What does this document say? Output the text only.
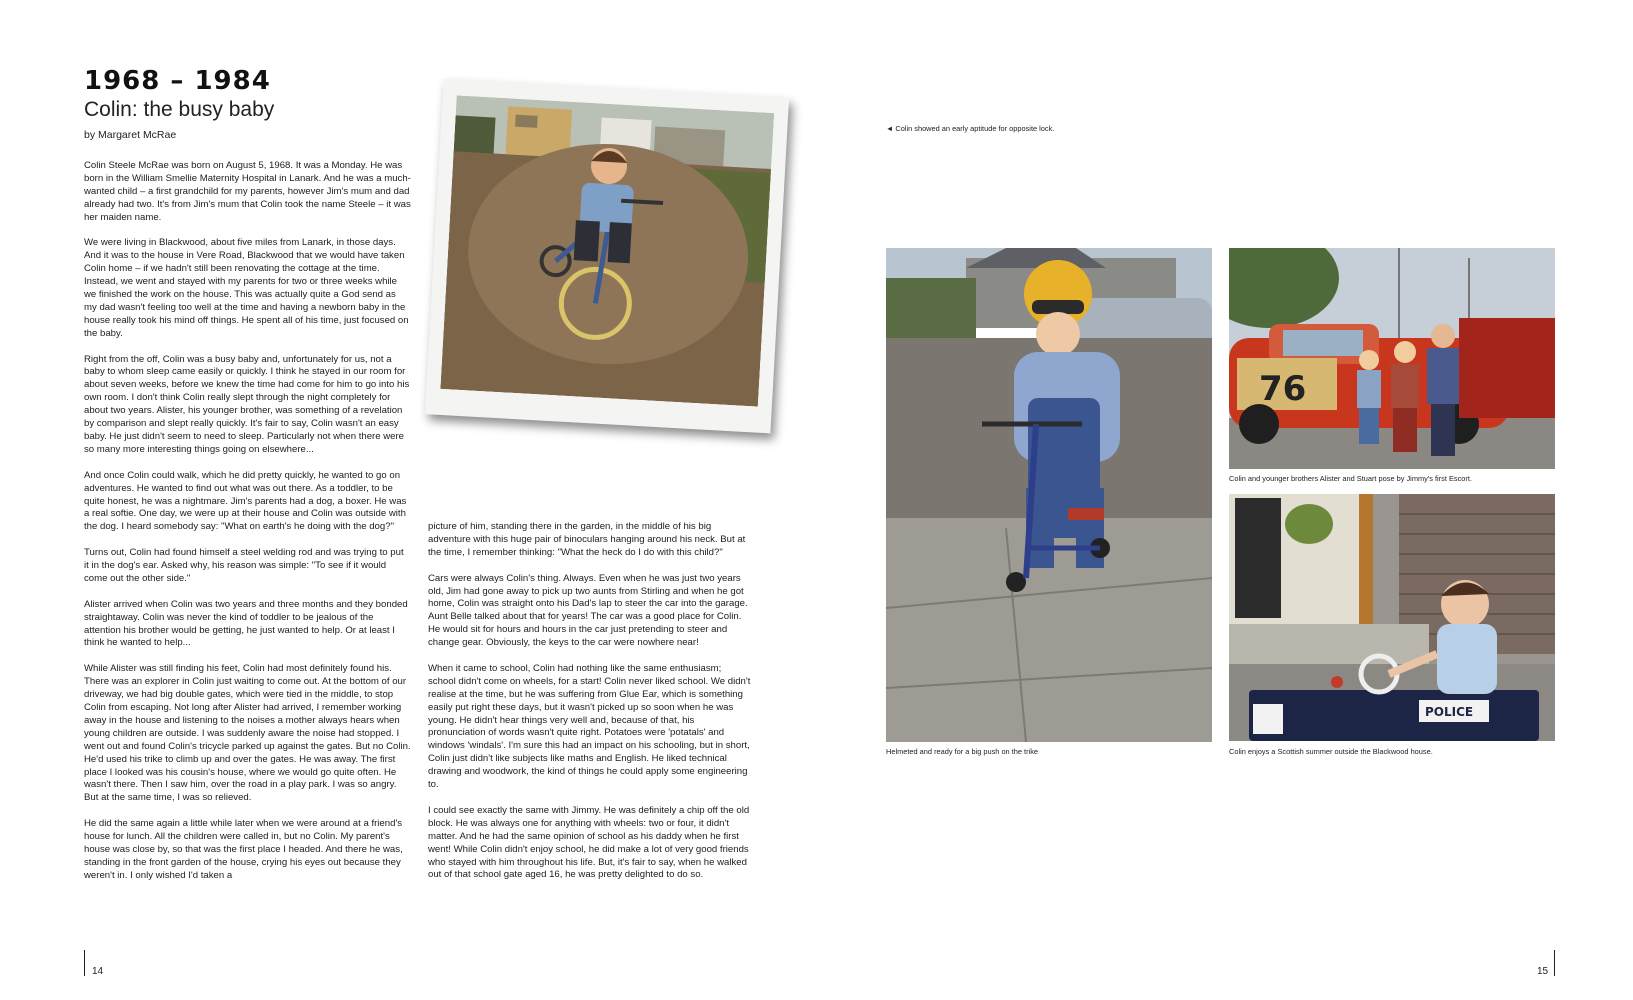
1968 – 1984
Colin: the busy baby
by Margaret McRae

Colin Steele McRae was born on August 5, 1968. It was a Monday. He was born in the William Smellie Maternity Hospital in Lanark. And he was a much-wanted child – a first grandchild for my parents, however Jim's mum and dad already had two. It's from Jim's mum that Colin took the name Steele – it was her maiden name.

We were living in Blackwood, about five miles from Lanark, in those days. And it was to the house in Vere Road, Blackwood that we would have taken Colin home – if we hadn't still been renovating the cottage at the time. Instead, we went and stayed with my parents for two or three weeks while we finished the work on the house. This was actually quite a God send as my dad wasn't feeling too well at the time and having a newborn baby in the house really took his mind off things. He spent all of his time, just focused on the baby.

Right from the off, Colin was a busy baby and, unfortunately for us, not a baby to whom sleep came easily or quickly. I think he stayed in our room for about seven weeks, before we knew the time had come for him to go into his own room. I don't think Colin really slept through the night completely for about two years. Alister, his younger brother, was something of a revelation by comparison and slept really quickly. It's fair to say, Colin wasn't an easy baby. He just didn't seem to need to sleep. Particularly not when there were so many more interesting things going on elsewhere...

And once Colin could walk, which he did pretty quickly, he wanted to go on adventures. He wanted to find out what was out there. As a toddler, to be quite honest, he was a nightmare. Jim's parents had a dog, a boxer. He was a real softie. One day, we were up at their house and Colin was outside with the dog. I heard somebody say: "What on earth's he doing with the dog?"

Turns out, Colin had found himself a steel welding rod and was trying to put it in the dog's ear. Asked why, his reason was simple: "To see if it would come out the other side."

Alister arrived when Colin was two years and three months and they bonded straightaway. Colin was never the kind of toddler to be jealous of the attention his brother would be getting, he just wanted to help. Or at least I think he wanted to help...

While Alister was still finding his feet, Colin had most definitely found his. There was an explorer in Colin just waiting to come out. At the bottom of our driveway, we had big double gates, which were tied in the middle, to stop Colin from escaping. Not long after Alister had arrived, I remember working away in the house and listening to the noises a mother always hears when young children are outside. I was suddenly aware the noise had stopped. I went out and found Colin's tricycle parked up against the gates. But no Colin. He'd used his trike to climb up and over the gates. He was away. The first place I looked was his cousin's house, where we would go quite often. He wasn't there. Then I saw him, over the road in a play park. I was so angry. But at the same time, I was so relieved.

He did the same again a little while later when we were around at a friend's house for lunch. All the children were called in, but no Colin. My parent's house was close by, so that was the first place I headed. And there he was, standing in the front garden of the house, crying his eyes out because they weren't in. I only wished I'd taken a

picture of him, standing there in the garden, in the middle of his big adventure with this huge pair of binoculars hanging around his neck. But at the time, I remember thinking: "What the heck do I do with this child?"

Cars were always Colin's thing. Always. Even when he was just two years old, Jim had gone away to pick up two aunts from Stirling and when he got home, Colin was straight onto his Dad's lap to steer the car into the garage. Aunt Belle talked about that for years! The car was a good place for Colin. He would sit for hours and hours in the car just pretending to steer and change gear. Obviously, the keys to the car were nowhere near!

When it came to school, Colin had nothing like the same enthusiasm; school didn't come on wheels, for a start! Colin never liked school. We didn't realise at the time, but he was suffering from Glue Ear, which is something easily put right these days, but it wasn't picked up so soon when he was young. He didn't hear things very well and, because of that, his pronunciation of words wasn't quite right. Potatoes were 'potatals' and windows 'windals'. I'm sure this had an impact on his schooling, but in short, Colin just didn't like subjects like maths and English. He liked technical drawing and woodwork, the kind of things he could apply some engineering to.

I could see exactly the same with Jimmy. He was definitely a chip off the old block. He was always one for anything with wheels: two or four, it didn't matter. And he had the same opinion of school as his daddy when he first went! While Colin didn't enjoy school, he did make a lot of very good friends who stayed with him throughout his life. But, it's fair to say, when he walked out of that school gate aged 16, he was pretty delighted to do so.

14
◄ Colin showed an early aptitude for opposite lock.
76
Colin and younger brothers Alister and Stuart pose by Jimmy's first Escort.
POLICE
Colin enjoys a Scottish summer outside the Blackwood house.
Helmeted and ready for a big push on the trike
15
